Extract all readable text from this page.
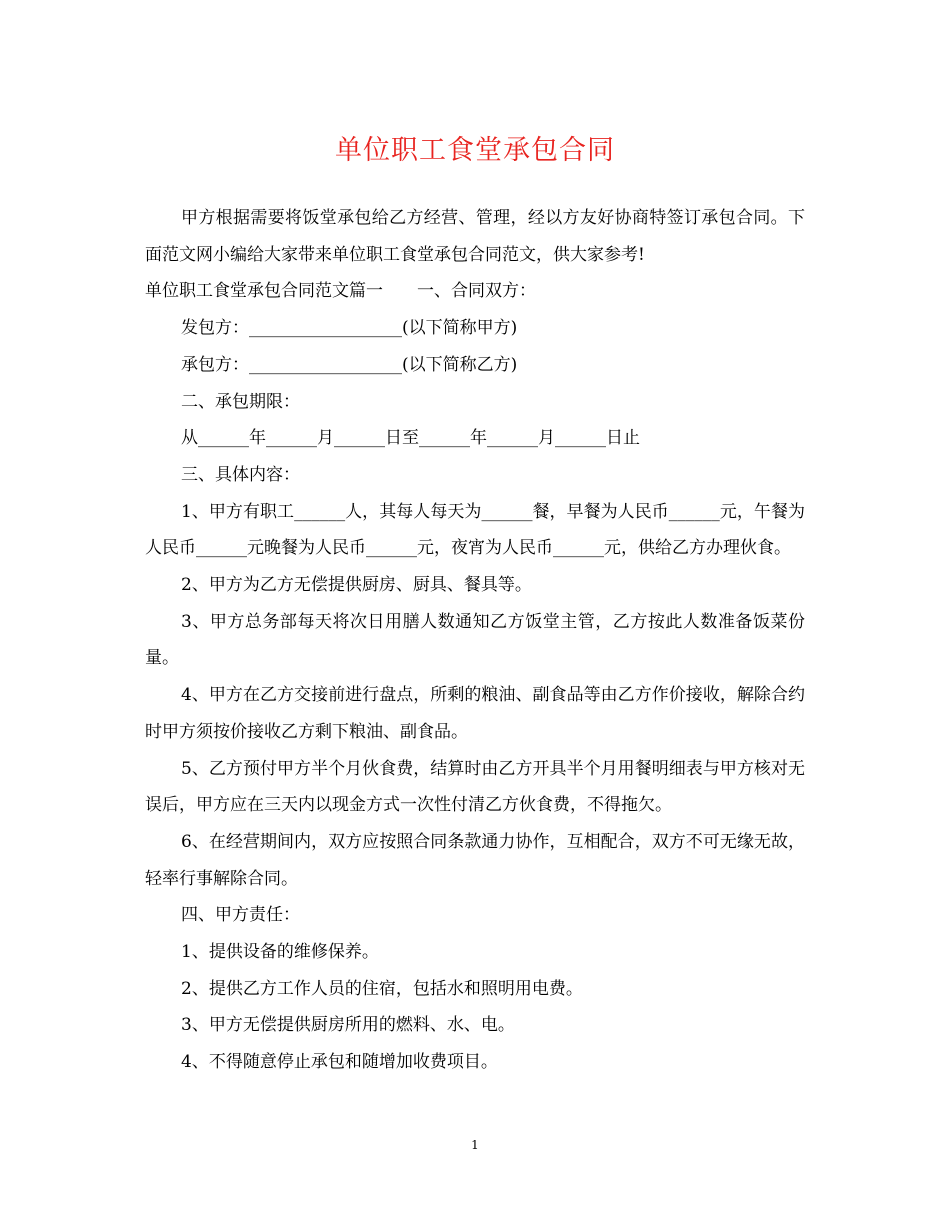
单位职工食堂承包合同

甲方根据需要将饭堂承包给乙方经营、管理，经以方友好协商特签订承包合同。下面范文网小编给大家带来单位职工食堂承包合同范文，供大家参考!

单位职工食堂承包合同范文篇一　　一、合同双方：

发包方：__________________(以下简称甲方)

承包方：__________________(以下简称乙方)

二、承包期限：

从______年______月______日至______年______月______日止

三、具体内容：

1、甲方有职工______人，其每人每天为______餐，早餐为人民币______元，午餐为人民币______元晚餐为人民币______元，夜宵为人民币______元，供给乙方办理伙食。

2、甲方为乙方无偿提供厨房、厨具、餐具等。

3、甲方总务部每天将次日用膳人数通知乙方饭堂主管，乙方按此人数准备饭菜份量。

4、甲方在乙方交接前进行盘点，所剩的粮油、副食品等由乙方作价接收，解除合约时甲方须按价接收乙方剩下粮油、副食品。

5、乙方预付甲方半个月伙食费，结算时由乙方开具半个月用餐明细表与甲方核对无误后，甲方应在三天内以现金方式一次性付清乙方伙食费，不得拖欠。

6、在经营期间内，双方应按照合同条款通力协作，互相配合，双方不可无缘无故，轻率行事解除合同。

四、甲方责任：

1、提供设备的维修保养。

2、提供乙方工作人员的住宿，包括水和照明用电费。

3、甲方无偿提供厨房所用的燃料、水、电。

4、不得随意停止承包和随增加收费项目。

1
